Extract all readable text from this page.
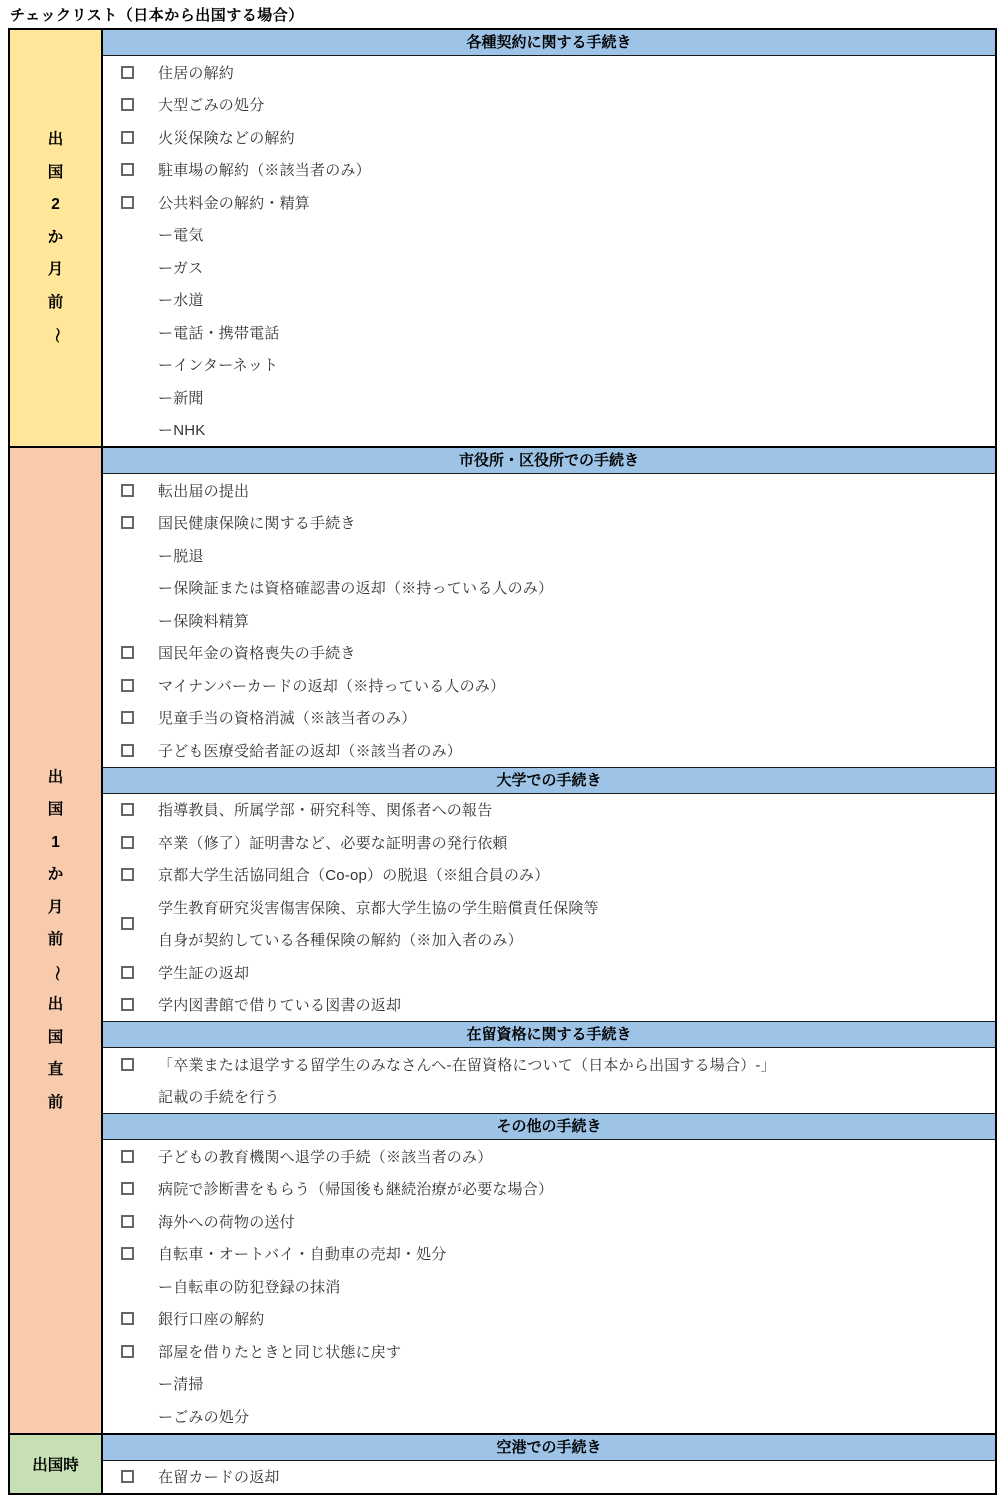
チェックリスト（日本から出国する場合）
出
国
2
か
月
前
〜
各種契約に関する手続き
住居の解約
大型ごみの処分
火災保険などの解約
駐車場の解約（※該当者のみ）
公共料金の解約・精算
ー電気
ーガス
ー水道
ー電話・携帯電話
ーインターネット
ー新聞
ーNHK
出
国
1
か
月
前
〜
出
国
直
前
市役所・区役所での手続き
転出届の提出
国民健康保険に関する手続き
ー脱退
ー保険証または資格確認書の返却（※持っている人のみ）
ー保険料精算
国民年金の資格喪失の手続き
マイナンバーカードの返却（※持っている人のみ）
児童手当の資格消滅（※該当者のみ）
子ども医療受給者証の返却（※該当者のみ）
大学での手続き
指導教員、所属学部・研究科等、関係者への報告
卒業（修了）証明書など、必要な証明書の発行依頼
京都大学生活協同組合（Co-op）の脱退（※組合員のみ）
学生教育研究災害傷害保険、京都大学生協の学生賠償責任保険等
自身が契約している各種保険の解約（※加入者のみ）
学生証の返却
学内図書館で借りている図書の返却
在留資格に関する手続き
「卒業または退学する留学生のみなさんへ-在留資格について（日本から出国する場合）-」
記載の手続を行う
その他の手続き
子どもの教育機関へ退学の手続（※該当者のみ）
病院で診断書をもらう（帰国後も継続治療が必要な場合）
海外への荷物の送付
自転車・オートバイ・自動車の売却・処分
ー自転車の防犯登録の抹消
銀行口座の解約
部屋を借りたときと同じ状態に戻す
ー清掃
ーごみの処分
出国時
空港での手続き
在留カードの返却
